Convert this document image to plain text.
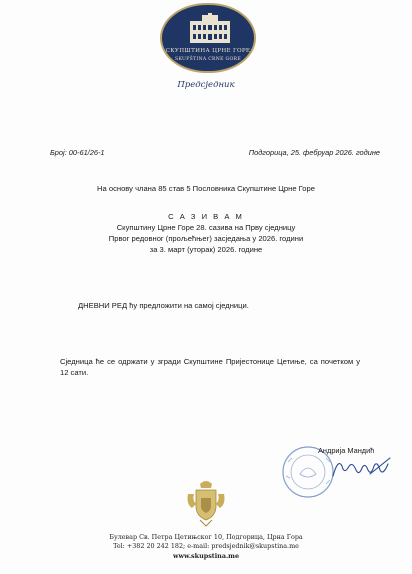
СКУПШТИНА ЦРНЕ ГОРЕ
SKUPŠTINA CRNE GORE
Предсједник
Број: 00-61/26-1	Подгорица, 25. фебруар 2026. године
На основу члана 85 став 5 Пословника Скупштине Црне Горе
С А З И В А М
Скупштину Црне Горе 28. сазива на Прву сједницу
Првог редовног (прољећњег) засједања у 2026. години
за 3. март (уторак) 2026. године
ДНЕВНИ РЕД ћу предложити на самој сједници.
Сједница ће се одржати у згради Скупштине Пријестонице Цетиње, са почетком у 12 сати.
Андрија Мандић
Булевар Св. Петра Цетињског 10, Подгорица, Црна Гора
Tel: +382 20 242 182; e-mail: predsjednik@skupstina.me
www.skupstina.me
